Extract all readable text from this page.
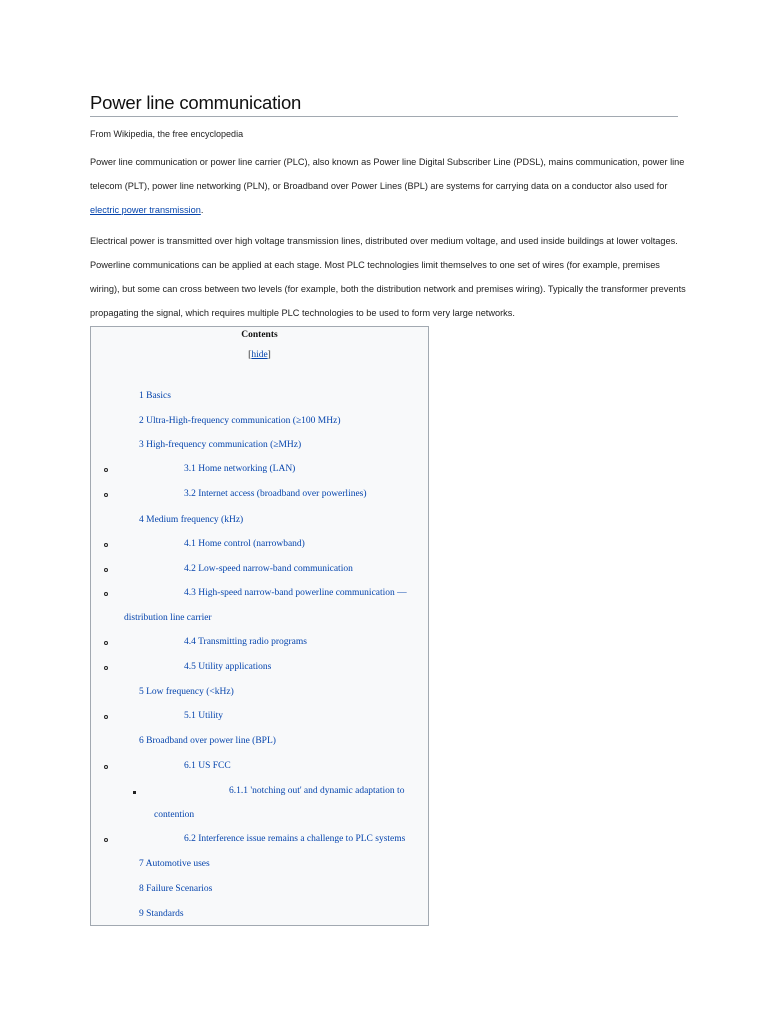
Power line communication
From Wikipedia, the free encyclopedia
Power line communication or power line carrier (PLC), also known as Power line Digital Subscriber Line (PDSL), mains communication, power line telecom (PLT), power line networking (PLN), or Broadband over Power Lines (BPL) are systems for carrying data on a conductor also used for electric power transmission.
Electrical power is transmitted over high voltage transmission lines, distributed over medium voltage, and used inside buildings at lower voltages. Powerline communications can be applied at each stage. Most PLC technologies limit themselves to one set of wires (for example, premises wiring), but some can cross between two levels (for example, both the distribution network and premises wiring). Typically the transformer prevents propagating the signal, which requires multiple PLC technologies to be used to form very large networks.
Contents
[hide]
1 Basics
2 Ultra-High-frequency communication (≥100 MHz)
3 High-frequency communication (≥MHz)
3.1 Home networking (LAN)
3.2 Internet access (broadband over powerlines)
4 Medium frequency (kHz)
4.1 Home control (narrowband)
4.2 Low-speed narrow-band communication
4.3 High-speed narrow-band powerline communication —
distribution line carrier
4.4 Transmitting radio programs
4.5 Utility applications
5 Low frequency (<kHz)
5.1 Utility
6 Broadband over power line (BPL)
6.1 US FCC
6.1.1 'notching out' and dynamic adaptation to
contention
6.2 Interference issue remains a challenge to PLC systems
7 Automotive uses
8 Failure Scenarios
9 Standards
